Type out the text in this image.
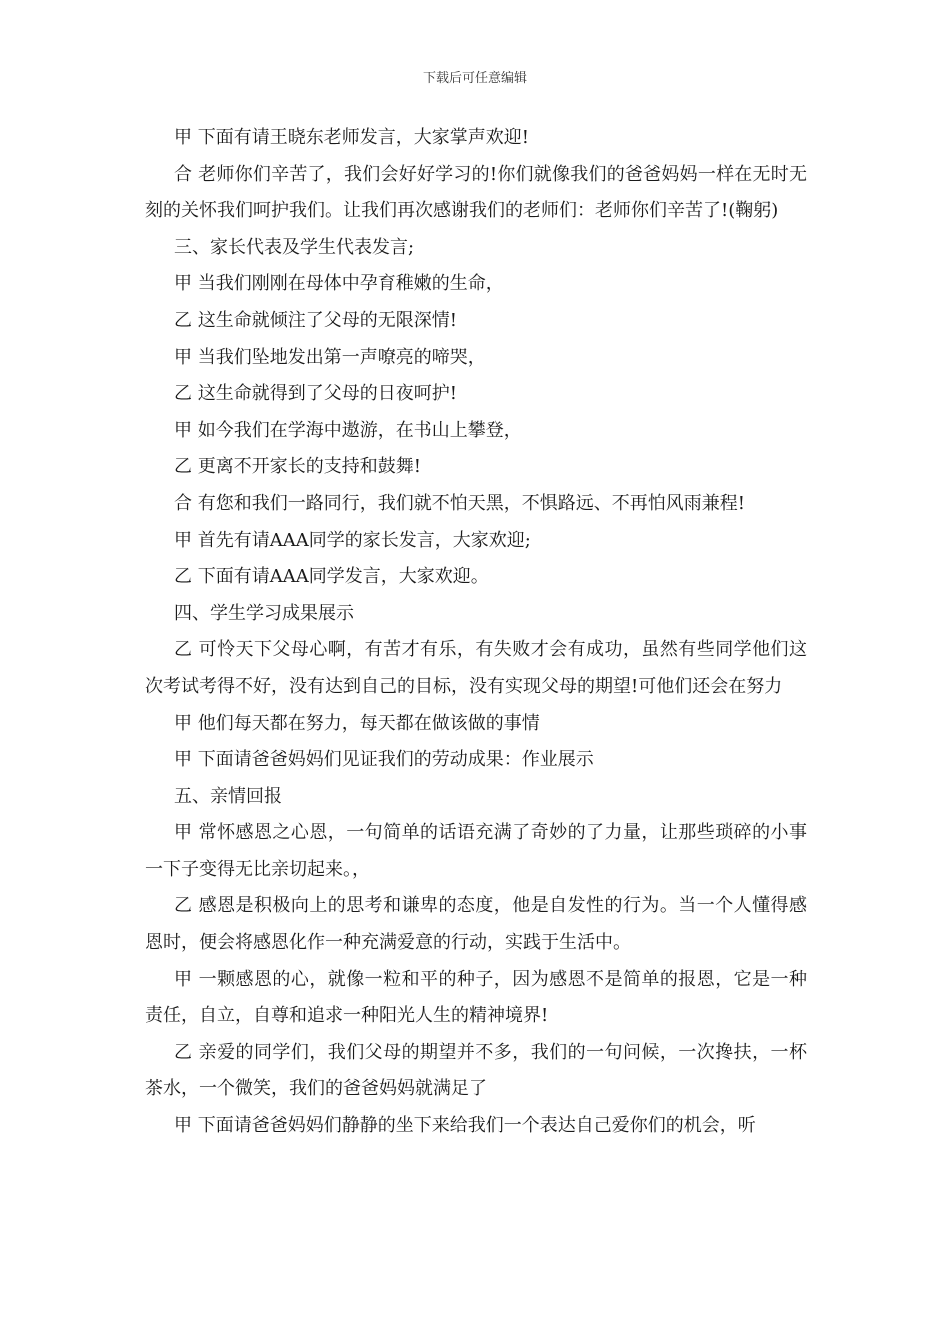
下载后可任意编辑

甲 下面有请王晓东老师发言，大家掌声欢迎!

合 老师你们辛苦了，我们会好好学习的!你们就像我们的爸爸妈妈一样在无时无刻的关怀我们呵护我们。让我们再次感谢我们的老师们：老师你们辛苦了!(鞠躬)

三、家长代表及学生代表发言;

甲 当我们刚刚在母体中孕育稚嫩的生命，

乙 这生命就倾注了父母的无限深情!

甲 当我们坠地发出第一声嘹亮的啼哭，

乙 这生命就得到了父母的日夜呵护!

甲 如今我们在学海中遨游，在书山上攀登，

乙 更离不开家长的支持和鼓舞!

合 有您和我们一路同行，我们就不怕天黑，不惧路远、不再怕风雨兼程!

甲 首先有请AAA同学的家长发言，大家欢迎;

乙 下面有请AAA同学发言，大家欢迎。

四、学生学习成果展示

乙 可怜天下父母心啊，有苦才有乐，有失败才会有成功，虽然有些同学他们这次考试考得不好，没有达到自己的目标，没有实现父母的期望!可他们还会在努力

甲 他们每天都在努力，每天都在做该做的事情

甲 下面请爸爸妈妈们见证我们的劳动成果：作业展示

五、亲情回报

甲 常怀感恩之心恩，一句简单的话语充满了奇妙的了力量，让那些琐碎的小事一下子变得无比亲切起来。，

乙 感恩是积极向上的思考和谦卑的态度，他是自发性的行为。当一个人懂得感恩时，便会将感恩化作一种充满爱意的行动，实践于生活中。

甲 一颗感恩的心，就像一粒和平的种子，因为感恩不是简单的报恩，它是一种责任，自立，自尊和追求一种阳光人生的精神境界!

乙 亲爱的同学们，我们父母的期望并不多，我们的一句问候，一次搀扶，一杯茶水，一个微笑，我们的爸爸妈妈就满足了

甲 下面请爸爸妈妈们静静的坐下来给我们一个表达自己爱你们的机会，听
